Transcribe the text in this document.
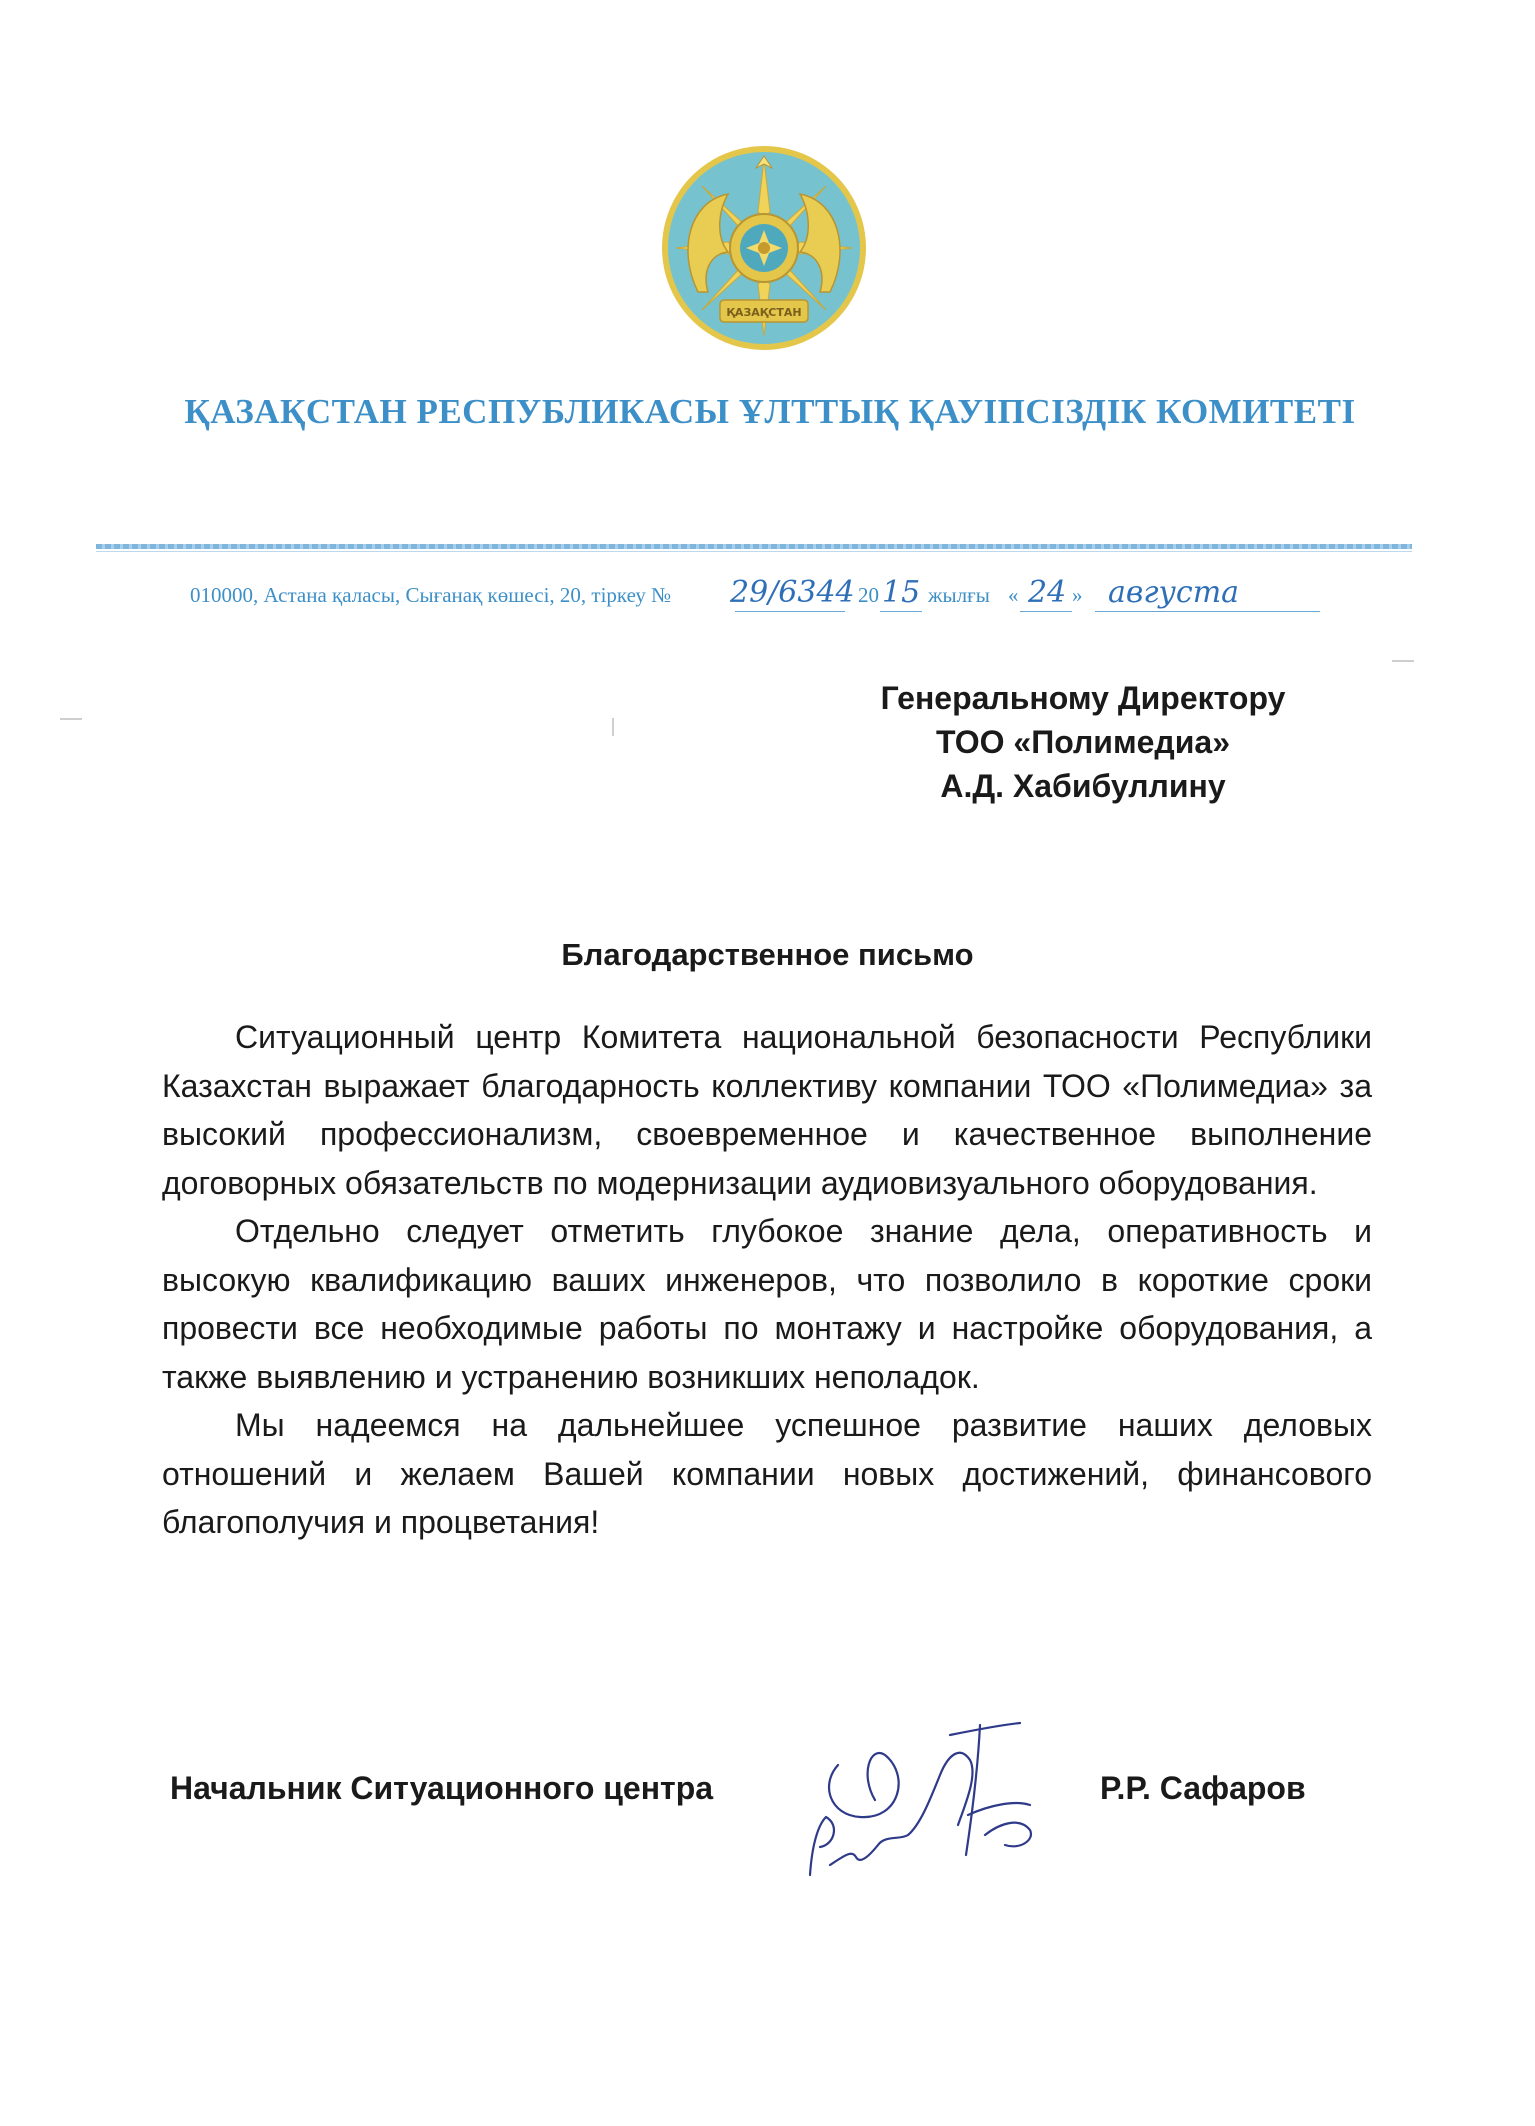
ҚАЗАҚСТАН
ҚАЗАҚСТАН РЕСПУБЛИКАСЫ ҰЛТТЫҚ ҚАУІПСІЗДІК КОМИТЕТІ
010000, Астана қаласы, Сығанақ көшесі, 20, тіркеу № 29/6344 20 15 жылғы « 24 » августа
Генеральному Директору
ТОО «Полимедиа»
А.Д. Хабибуллину
Благодарственное письмо

Ситуационный центр Комитета национальной безопасности Республики Казахстан выражает благодарность коллективу компании ТОО «Полимедиа» за высокий профессионализм, своевременное и качественное выполнение договорных обязательств по модернизации аудиовизуального оборудования.

Отдельно следует отметить глубокое знание дела, оперативность и высокую квалификацию ваших инженеров, что позволило в короткие сроки провести все необходимые работы по монтажу и настройке оборудования, а также выявлению и устранению возникших неполадок.

Мы надеемся на дальнейшее успешное развитие наших деловых отношений и желаем Вашей компании новых достижений, финансового благополучия и процветания!

Начальник Ситуационного центра	Р.Р. Сафаров
